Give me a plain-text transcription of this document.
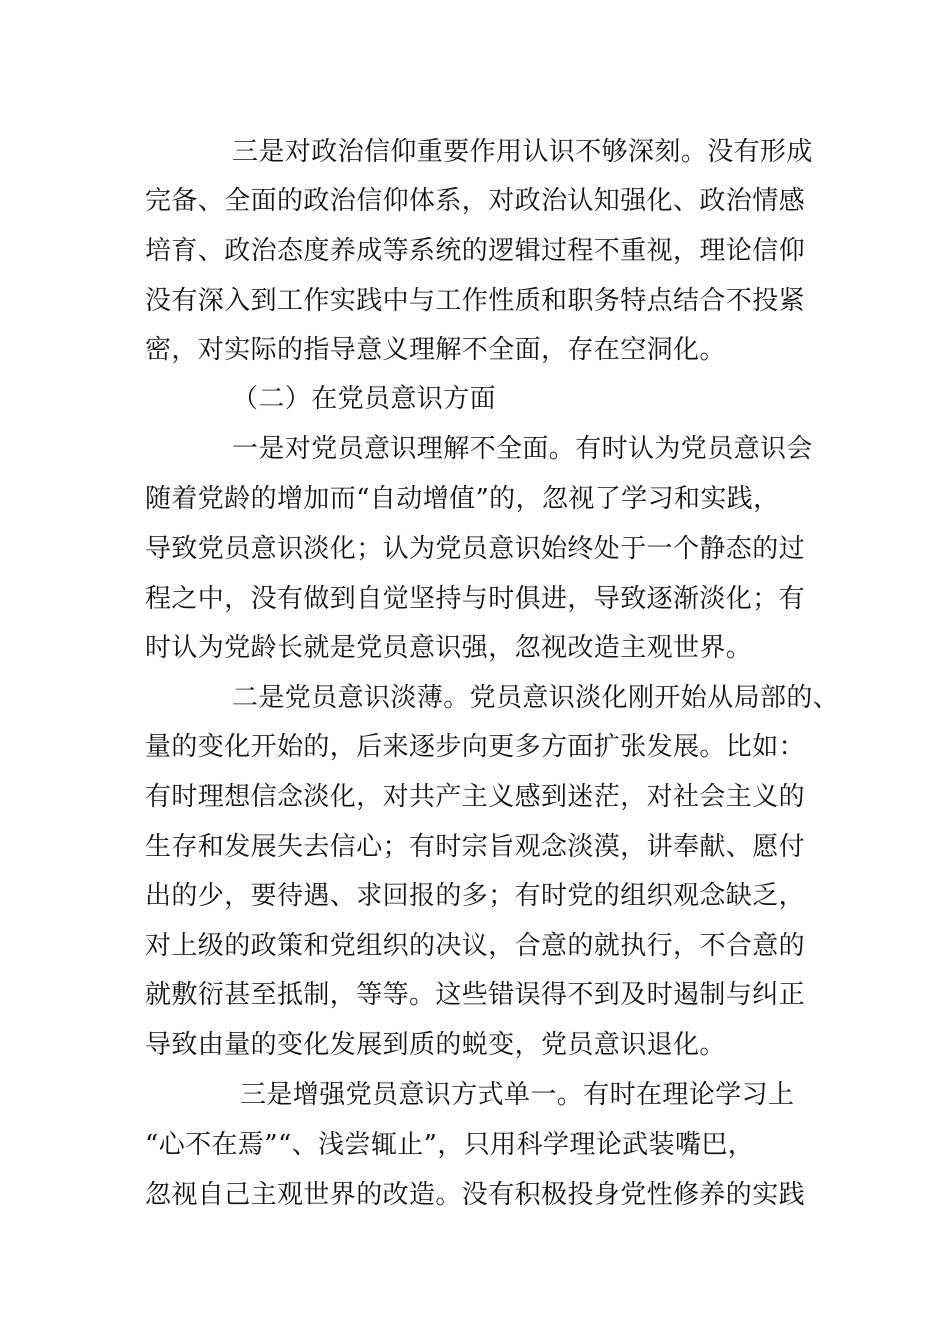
三是对政治信仰重要作用认识不够深刻。没有形成
完备、全面的政治信仰体系，对政治认知强化、政治情感
培育、政治态度养成等系统的逻辑过程不重视，理论信仰
没有深入到工作实践中与工作性质和职务特点结合不投紧
密，对实际的指导意义理解不全面，存在空洞化。
（二）在党员意识方面
一是对党员意识理解不全面。有时认为党员意识会
随着党龄的增加而“自动增值”的，忽视了学习和实践，
导致党员意识淡化；认为党员意识始终处于一个静态的过
程之中，没有做到自觉坚持与时俱进，导致逐渐淡化；有
时认为党龄长就是党员意识强，忽视改造主观世界。
二是党员意识淡薄。党员意识淡化刚开始从局部的、
量的变化开始的，后来逐步向更多方面扩张发展。比如：
有时理想信念淡化，对共产主义感到迷茫，对社会主义的
生存和发展失去信心；有时宗旨观念淡漠，讲奉献、愿付
出的少，要待遇、求回报的多；有时党的组织观念缺乏，
对上级的政策和党组织的决议，合意的就执行，不合意的
就敷衍甚至抵制，等等。这些错误得不到及时遏制与纠正
导致由量的变化发展到质的蜕变，党员意识退化。
三是增强党员意识方式单一。有时在理论学习上
“心不在焉”“、浅尝辄止”，只用科学理论武装嘴巴，
忽视自己主观世界的改造。没有积极投身党性修养的实践
